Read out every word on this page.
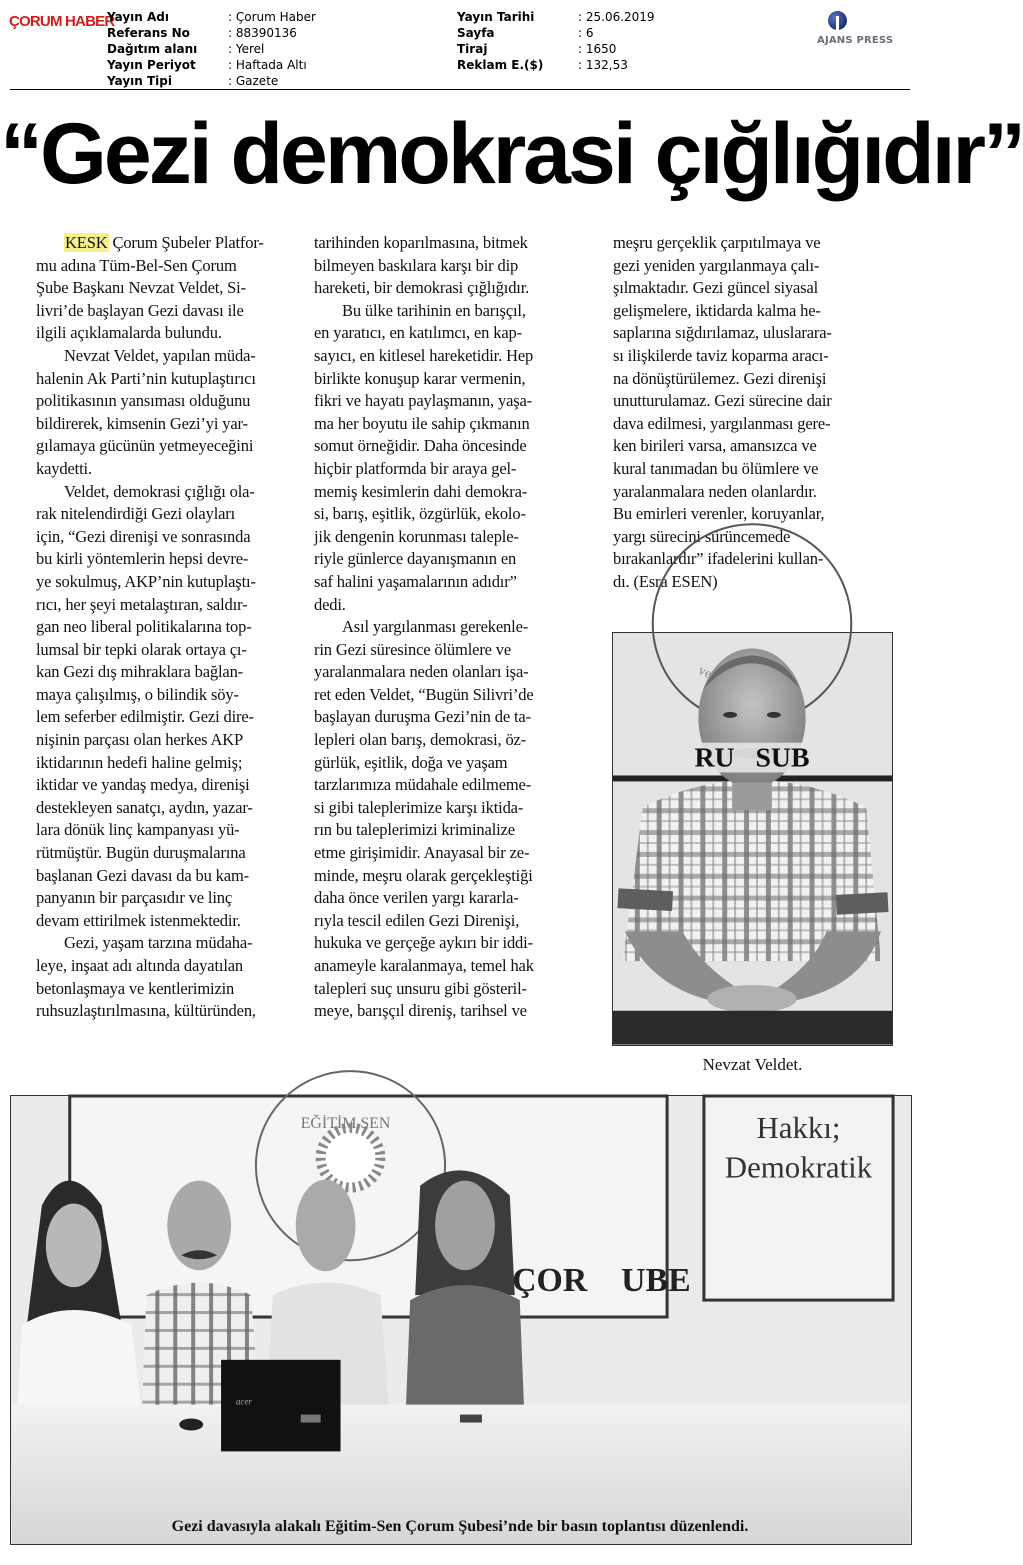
ÇORUM HABER
Yayın Adı	: Çorum Haber
Referans No	: 88390136
Dağıtım alanı	: Yerel
Yayın Periyot	: Haftada Altı
Yayın Tipi	: Gazete
Yayın Tarihi	: 25.06.2019
Sayfa	: 6
Tiraj	: 1650
Reklam E.($)	: 132,53
AJANS PRESS
“Gezi demokrasi çığlığıdır”
KESK Çorum Şubeler Platfor-
mu adına Tüm-Bel-Sen Çorum
Şube Başkanı Nevzat Veldet, Si-
livri’de başlayan Gezi davası ile
ilgili açıklamalarda bulundu.
Nevzat Veldet, yapılan müda-
halenin Ak Parti’nin kutuplaştırıcı
politikasının yansıması olduğunu
bildirerek, kimsenin Gezi’yi yar-
gılamaya gücünün yetmeyeceğini
kaydetti.
Veldet, demokrasi çığlığı ola-
rak nitelendirdiği Gezi olayları
için, “Gezi direnişi ve sonrasında
bu kirli yöntemlerin hepsi devre-
ye sokulmuş, AKP’nin kutuplaştı-
rıcı, her şeyi metalaştıran, saldır-
gan neo liberal politikalarına top-
lumsal bir tepki olarak ortaya çı-
kan Gezi dış mihraklara bağlan-
maya çalışılmış, o bilindik söy-
lem seferber edilmiştir. Gezi dire-
nişinin parçası olan herkes AKP
iktidarının hedefi haline gelmiş;
iktidar ve yandaş medya, direnişi
destekleyen sanatçı, aydın, yazar-
lara dönük linç kampanyası yü-
rütmüştür. Bugün duruşmalarına
başlanan Gezi davası da bu kam-
panyanın bir parçasıdır ve linç
devam ettirilmek istenmektedir.
Gezi, yaşam tarzına müdaha-
leye, inşaat adı altında dayatılan
betonlaşmaya ve kentlerimizin
ruhsuzlaştırılmasına, kültüründen,
tarihinden koparılmasına, bitmek
bilmeyen baskılara karşı bir dip
hareketi, bir demokrasi çığlığıdır.
Bu ülke tarihinin en barışçıl,
en yaratıcı, en katılımcı, en kap-
sayıcı, en kitlesel hareketidir. Hep
birlikte konuşup karar vermenin,
fikri ve hayatı paylaşmanın, yaşa-
ma her boyutu ile sahip çıkmanın
somut örneğidir. Daha öncesinde
hiçbir platformda bir araya gel-
memiş kesimlerin dahi demokra-
si, barış, eşitlik, özgürlük, ekolo-
jik dengenin korunması taleple-
riyle günlerce dayanışmanın en
saf halini yaşamalarının adıdır”
dedi.
Asıl yargılanması gerekenle-
rin Gezi süresince ölümlere ve
yaralanmalara neden olanları işa-
ret eden Veldet, “Bugün Silivri’de
başlayan duruşma Gezi’nin de ta-
lepleri olan barış, demokrasi, öz-
gürlük, eşitlik, doğa ve yaşam
tarzlarımıza müdahale edilmeme-
si gibi taleplerimize karşı iktida-
rın bu taleplerimizi kriminalize
etme girişimidir. Anayasal bir ze-
minde, meşru olarak gerçekleştiği
daha önce verilen yargı kararla-
rıyla tescil edilen Gezi Direnişi,
hukuka ve gerçeğe aykırı bir iddi-
anameyle karalanmaya, temel hak
talepleri suç unsuru gibi gösteril-
meye, barışçıl direniş, tarihsel ve
meşru gerçeklik çarpıtılmaya ve
gezi yeniden yargılanmaya çalı-
şılmaktadır. Gezi güncel siyasal
gelişmelere, iktidarda kalma he-
saplarına sığdırılamaz, uluslarara-
sı ilişkilerde taviz koparma aracı-
na dönüştürülemez. Gezi direnişi
unutturulamaz. Gezi sürecine dair
dava edilmesi, yargılanması gere-
ken birileri varsa, amansızca ve
kural tanımadan bu ölümlere ve
yaralanmalara neden olanlardır.
Bu emirleri verenler, koruyanlar,
yargı sürecini sürüncemede
bırakanlardır” ifadelerini kullan-
dı. (Esra ESEN)
ve
RU   SUB
Nevzat Veldet.
EĞİTİM SEN	Hakkı;
Demokratik
acer
ÇOR    UBE
Gezi davasıyla alakalı Eğitim-Sen Çorum Şubesi’nde bir basın toplantısı düzenlendi.
